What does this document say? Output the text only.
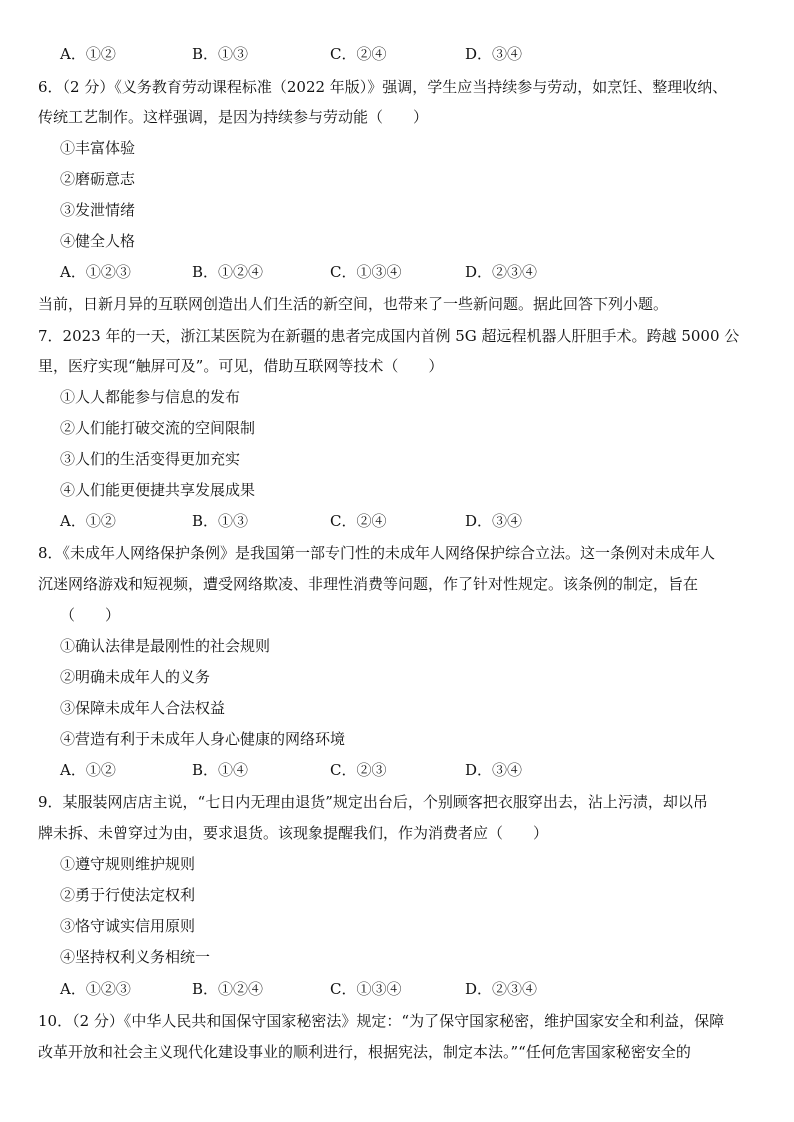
A．①②	B．①③	C．②④	D．③④
6．（2 分）《义务教育劳动课程标准（2022 年版）》强调，学生应当持续参与劳动，如烹饪、整理收纳、
传统工艺制作。这样强调，是因为持续参与劳动能（　　）
①丰富体验
②磨砺意志
③发泄情绪
④健全人格
A．①②③	B．①②④	C．①③④	D．②③④
当前，日新月异的互联网创造出人们生活的新空间，也带来了一些新问题。据此回答下列小题。
7．2023 年的一天，浙江某医院为在新疆的患者完成国内首例 5G 超远程机器人肝胆手术。跨越 5000 公
里，医疗实现“触屏可及”。可见，借助互联网等技术（　　）
①人人都能参与信息的发布
②人们能打破交流的空间限制
③人们的生活变得更加充实
④人们能更便捷共享发展成果
A．①②	B．①③	C．②④	D．③④
8．《未成年人网络保护条例》是我国第一部专门性的未成年人网络保护综合立法。这一条例对未成年人
沉迷网络游戏和短视频，遭受网络欺凌、非理性消费等问题，作了针对性规定。该条例的制定，旨在
（　　）
①确认法律是最刚性的社会规则
②明确未成年人的义务
③保障未成年人合法权益
④营造有利于未成年人身心健康的网络环境
A．①②	B．①④	C．②③	D．③④
9．某服装网店店主说，“七日内无理由退货”规定出台后，个别顾客把衣服穿出去，沾上污渍，却以吊
牌未拆、未曾穿过为由，要求退货。该现象提醒我们，作为消费者应（　　）
①遵守规则维护规则
②勇于行使法定权利
③恪守诚实信用原则
④坚持权利义务相统一
A．①②③	B．①②④	C．①③④	D．②③④
10．（2 分）《中华人民共和国保守国家秘密法》规定：“为了保守国家秘密，维护国家安全和利益，保障
改革开放和社会主义现代化建设事业的顺利进行，根据宪法，制定本法。”“任何危害国家秘密安全的
